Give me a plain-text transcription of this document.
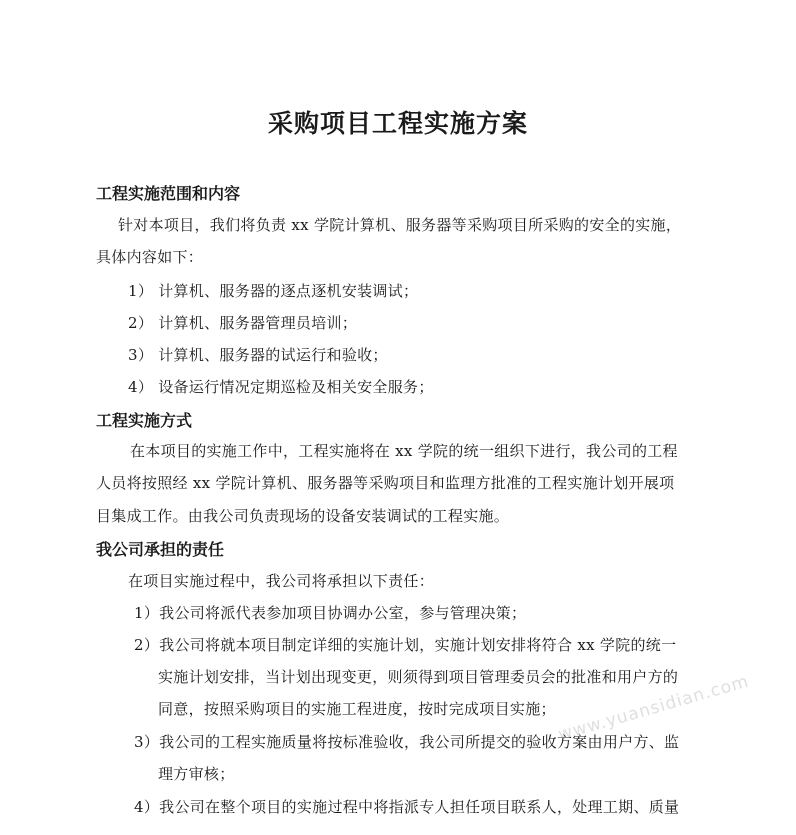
采购项目工程实施方案
工程实施范围和内容
针对本项目，我们将负责 xx 学院计算机、服务器等采购项目所采购的安全的实施，
具体内容如下：
1） 计算机、服务器的逐点逐机安装调试；
2） 计算机、服务器管理员培训；
3） 计算机、服务器的试运行和验收；
4） 设备运行情况定期巡检及相关安全服务；
工程实施方式
在本项目的实施工作中，工程实施将在 xx 学院的统一组织下进行，我公司的工程
人员将按照经 xx 学院计算机、服务器等采购项目和监理方批准的工程实施计划开展项
目集成工作。由我公司负责现场的设备安装调试的工程实施。
我公司承担的责任
在项目实施过程中，我公司将承担以下责任：
1）我公司将派代表参加项目协调办公室，参与管理决策；
2）我公司将就本项目制定详细的实施计划，实施计划安排将符合 xx 学院的统一
实施计划安排，当计划出现变更，则须得到项目管理委员会的批准和用户方的
同意，按照采购项目的实施工程进度，按时完成项目实施；
3）我公司的工程实施质量将按标准验收，我公司所提交的验收方案由用户方、监
理方审核；
4）我公司在整个项目的实施过程中将指派专人担任项目联系人，处理工期、质量
www.yuansidian.com
